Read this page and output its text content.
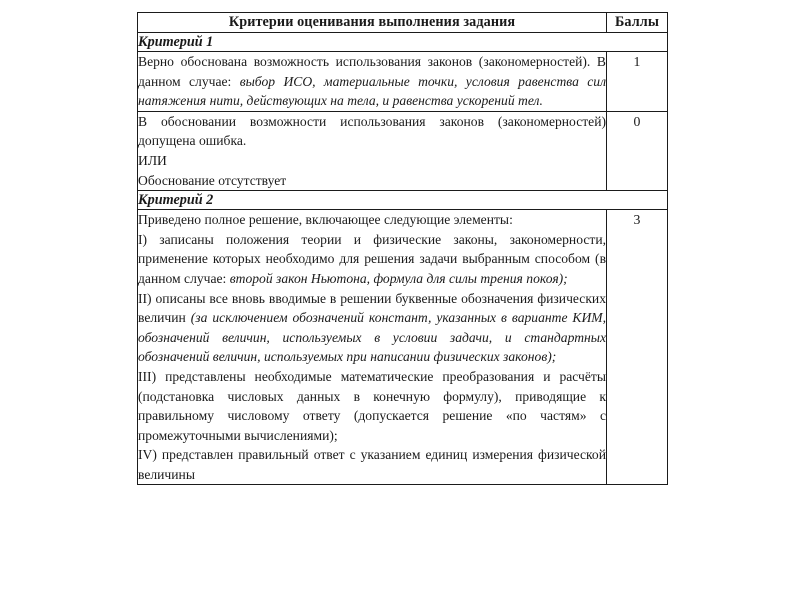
Критерии оценивания выполнения задания	Баллы
Критерий 1	

Верно обоснована возможность использования законов (закономерностей). В данном случае: выбор ИСО, материальные точки, условия равенства сил натяжения нити, действующих на тела, и равенства ускорений тел.	1

В обосновании возможности использования законов (закономерностей) допущена ошибка.

ИЛИ

Обоснование отсутствует	0
Критерий 2	

Приведено полное решение, включающее следующие элементы:

I) записаны положения теории и физические законы, закономерности, применение которых необходимо для решения задачи выбранным способом (в данном случае: второй закон Ньютона, формула для силы трения покоя);

II) описаны все вновь вводимые в решении буквенные обозначения физических величин (за исключением обозначений констант, указанных в варианте КИМ, обозначений величин, используемых в условии задачи, и стандартных обозначений величин, используемых при написании физических законов);

III) представлены необходимые математические преобразования и расчёты (подстановка числовых данных в конечную формулу), приводящие к правильному числовому ответу (допускается решение «по частям» с промежуточными вычислениями);

IV) представлен правильный ответ с указанием единиц измерения физической величины	3
